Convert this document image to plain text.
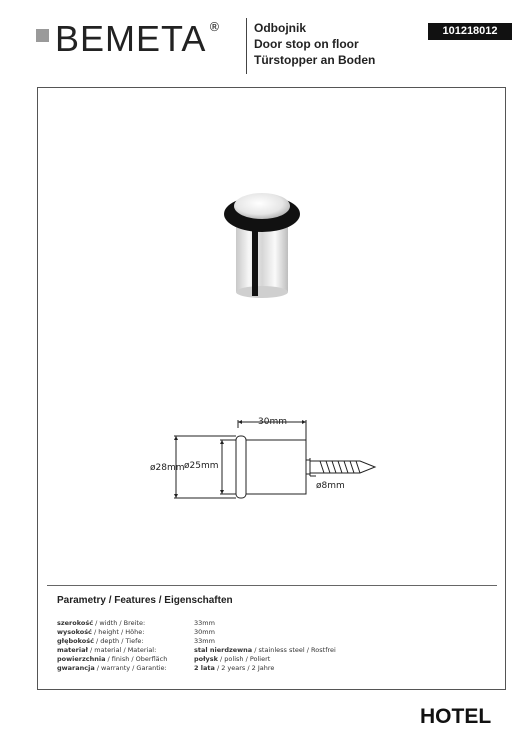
BEMETA ®	Odbojnik
Door stop on floor
Türstopper an Boden
101218012
30mm
ø28mm ø25mm
ø8mm
Parametry / Features / Eigenschaften
szerokość / width / Breite:	33mm
wysokość / height / Höhe:	30mm
głębokość / depth / Tiefe:	33mm
materiał / material / Material:	stal nierdzewna / stainless steel / Rostfrei
powierzchnia / finish / Oberfläch	połysk / polish / Poliert
gwarancja / warranty / Garantie:	2 lata / 2 years / 2 Jahre
HOTEL
